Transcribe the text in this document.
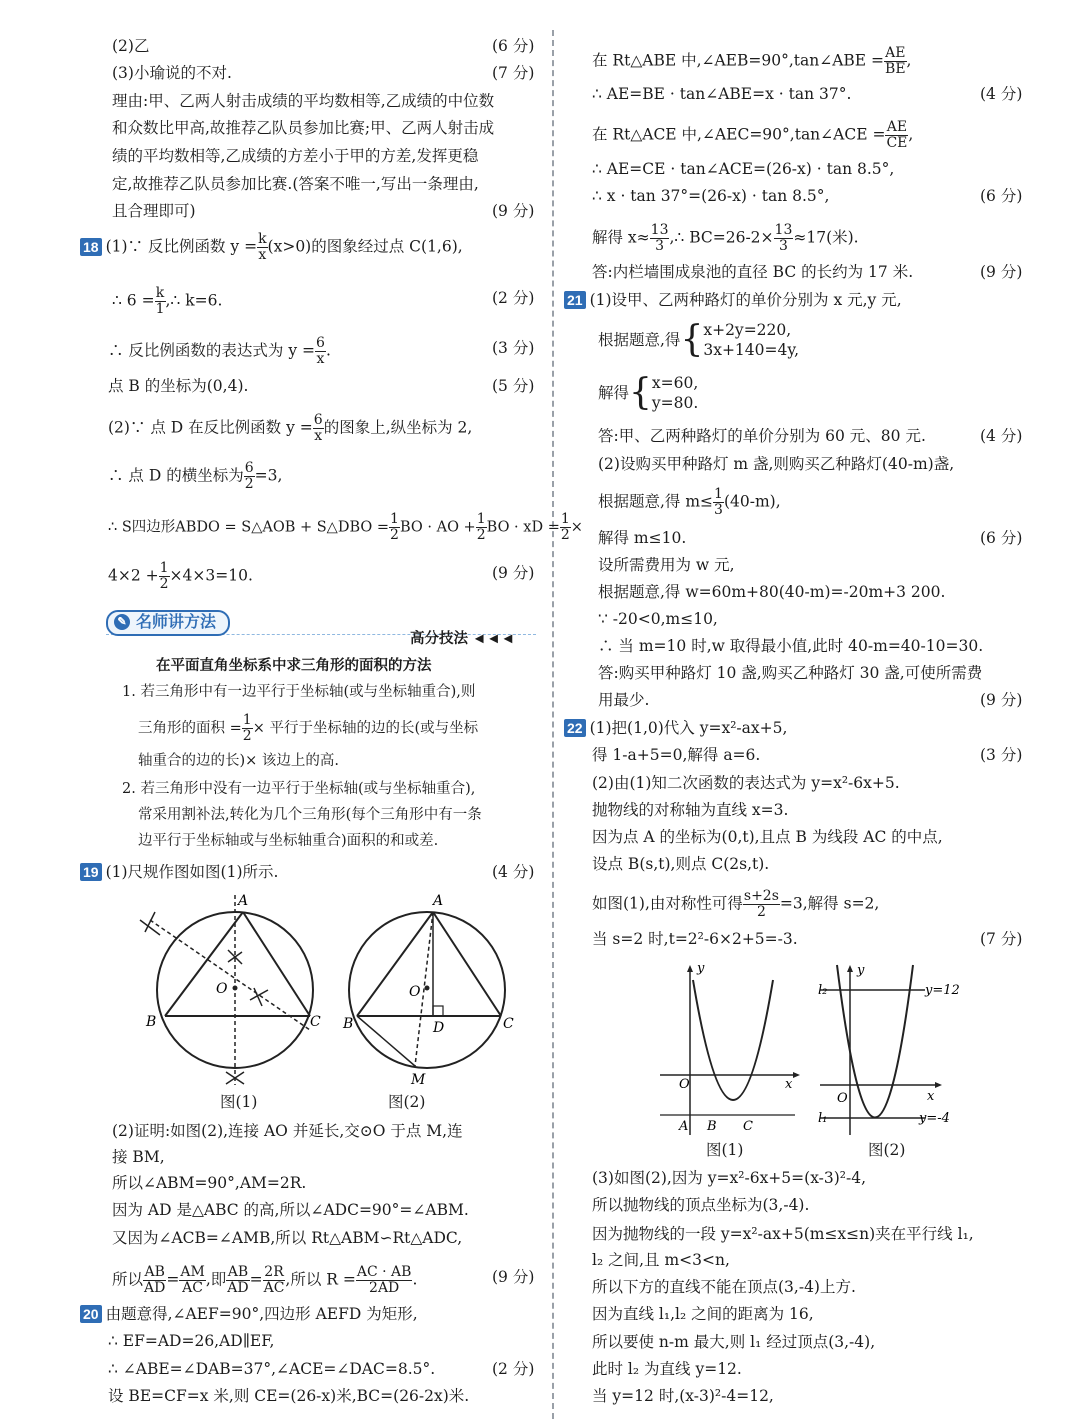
(2)乙	(6 分)
(3)小瑜说的不对.	(7 分)
理由:甲、乙两人射击成绩的平均数相等,乙成绩的中位数
和众数比甲高,故推荐乙队员参加比赛;甲、乙两人射击成
绩的平均数相等,乙成绩的方差小于甲的方差,发挥更稳
定,故推荐乙队员参加比赛.(答案不唯一,写出一条理由,
且合理即可)	(9 分)
18 (1)∵ 反比例函数 $y = \frac{k}{x} (x>0)$的图象经过点 C(1,6),
∴ $6 = \frac{k}{1}$ ,∴ k=6.	(2 分)
∴ 反比例函数的表达式为 $y = \frac{6}{x}$ .	(3 分)
点 B 的坐标为(0,4).	(5 分)
(2)∵ 点 D 在反比例函数 $y = \frac{6}{x}$ 的图象上,纵坐标为 2,
∴ 点 D 的横坐标为 $\frac{6}{2} =3$,
∴ S四边形ABDO = S△AOB + S△DBO = $\frac{1}{2}$ BO · AO + $\frac{1}{2}$ BO · xD = $\frac{1}{2}$ ×
$4\times 2 + \frac{1}{2} \times 4\times 3=10$.	(9 分)
✎ 名师讲方法
高分技法 ◄◄◄
在平面直角坐标系中求三角形的面积的方法
1. 若三角形中有一边平行于坐标轴(或与坐标轴重合),则
三角形的面积 = $\frac{1}{2}$ × 平行于坐标轴的边的长(或与坐标
轴重合的边的长)× 该边上的高.
2. 若三角形中没有一边平行于坐标轴(或与坐标轴重合),
常采用割补法,转化为几个三角形(每个三角形中有一条
边平行于坐标轴或与坐标轴重合)面积的和或差.
19 (1)尺规作图如图(1)所示.	(4 分)
A
O
B	C
图(1)
A
O
B	D	C
M
图(2)
(2)证明:如图(2),连接 AO 并延长,交⊙O 于点 M,连
接 BM,
所以∠ABM=90°,AM=2R.
因为 AD 是△ABC 的高,所以∠ADC=90°=∠ABM.
又因为∠ACB=∠AMB,所以 Rt△ABM∽Rt△ADC,
所以 $\frac{AB}{AD} = \frac{AM}{AC}$ ,即 $\frac{AB}{AD} = \frac{2R}{AC}$ ,所以 $R = \frac{AC \cdot AB}{2AD}$ .	(9 分)
20 由题意得,∠AEF=90°,四边形 AEFD 为矩形,
∴ EF=AD=26,AD∥EF,
∴ ∠ABE=∠DAB=37°,∠ACE=∠DAC=8.5°.	(2 分)
设 BE=CF=x 米,则 CE=(26-x)米,BC=(26-2x)米.
在 Rt△ABE 中,∠AEB=90°,tan∠ABE = $\frac{AE}{BE}$ ,
∴ AE=BE · tan∠ABE=x · tan 37°.	(4 分)
在 Rt△ACE 中,∠AEC=90°,tan∠ACE = $\frac{AE}{CE}$ ,
∴ AE=CE · tan∠ACE=(26-x) · tan 8.5°,
∴ x · tan 37°=(26-x) · tan 8.5°,	(6 分)
解得 $x\approx \frac{13}{3}$ ,∴ $BC=26-2\times \frac{13}{3} \approx 17$(米).
答:内栏墙围成泉池的直径 BC 的长约为 17 米.	(9 分)
21 (1)设甲、乙两种路灯的单价分别为 x 元,y 元,
根据题意,得{x+2y=220,
3x+140=4y,
解得{x=60,
y=80.
答:甲、乙两种路灯的单价分别为 60 元、80 元.	(4 分)
(2)设购买甲种路灯 m 盏,则购买乙种路灯(40-m)盏,
根据题意,得 $m\le \frac{1}{3} (40-m)$,
解得 m≤10.	(6 分)
设所需费用为 w 元,
根据题意,得 w=60m+80(40-m)=-20m+3 200.
∵ -20<0,m≤10,
∴ 当 m=10 时,w 取得最小值,此时 40-m=40-10=30.
答:购买甲种路灯 10 盏,购买乙种路灯 30 盏,可使所需费
用最少.	(9 分)
22 (1)把(1,0)代入 y=x²-ax+5,
得 1-a+5=0,解得 a=6.	(3 分)
(2)由(1)知二次函数的表达式为 y=x²-6x+5.
抛物线的对称轴为直线 x=3.
因为点 A 的坐标为(0,t),且点 B 为线段 AC 的中点,
设点 B(s,t),则点 C(2s,t).
如图(1),由对称性可得 $\frac{s+2s}{2} =3$,解得 s=2,
当 s=2 时,t=2²-6×2+5=-3.	(7 分)
y
O	x
A B C
图(1)
y
l₂
O	x
l₁
y=12
y=-4
图(2)
(3)如图(2),因为 y=x²-6x+5=(x-3)²-4,
所以抛物线的顶点坐标为(3,-4).
因为抛物线的一段 y=x²-ax+5(m≤x≤n)夹在平行线 l₁,
l₂ 之间,且 m<3<n,
所以下方的直线不能在顶点(3,-4)上方.
因为直线 l₁,l₂ 之间的距离为 16,
所以要使 n-m 最大,则 l₁ 经过顶点(3,-4),
此时 l₂ 为直线 y=12.
当 y=12 时,(x-3)²-4=12,
